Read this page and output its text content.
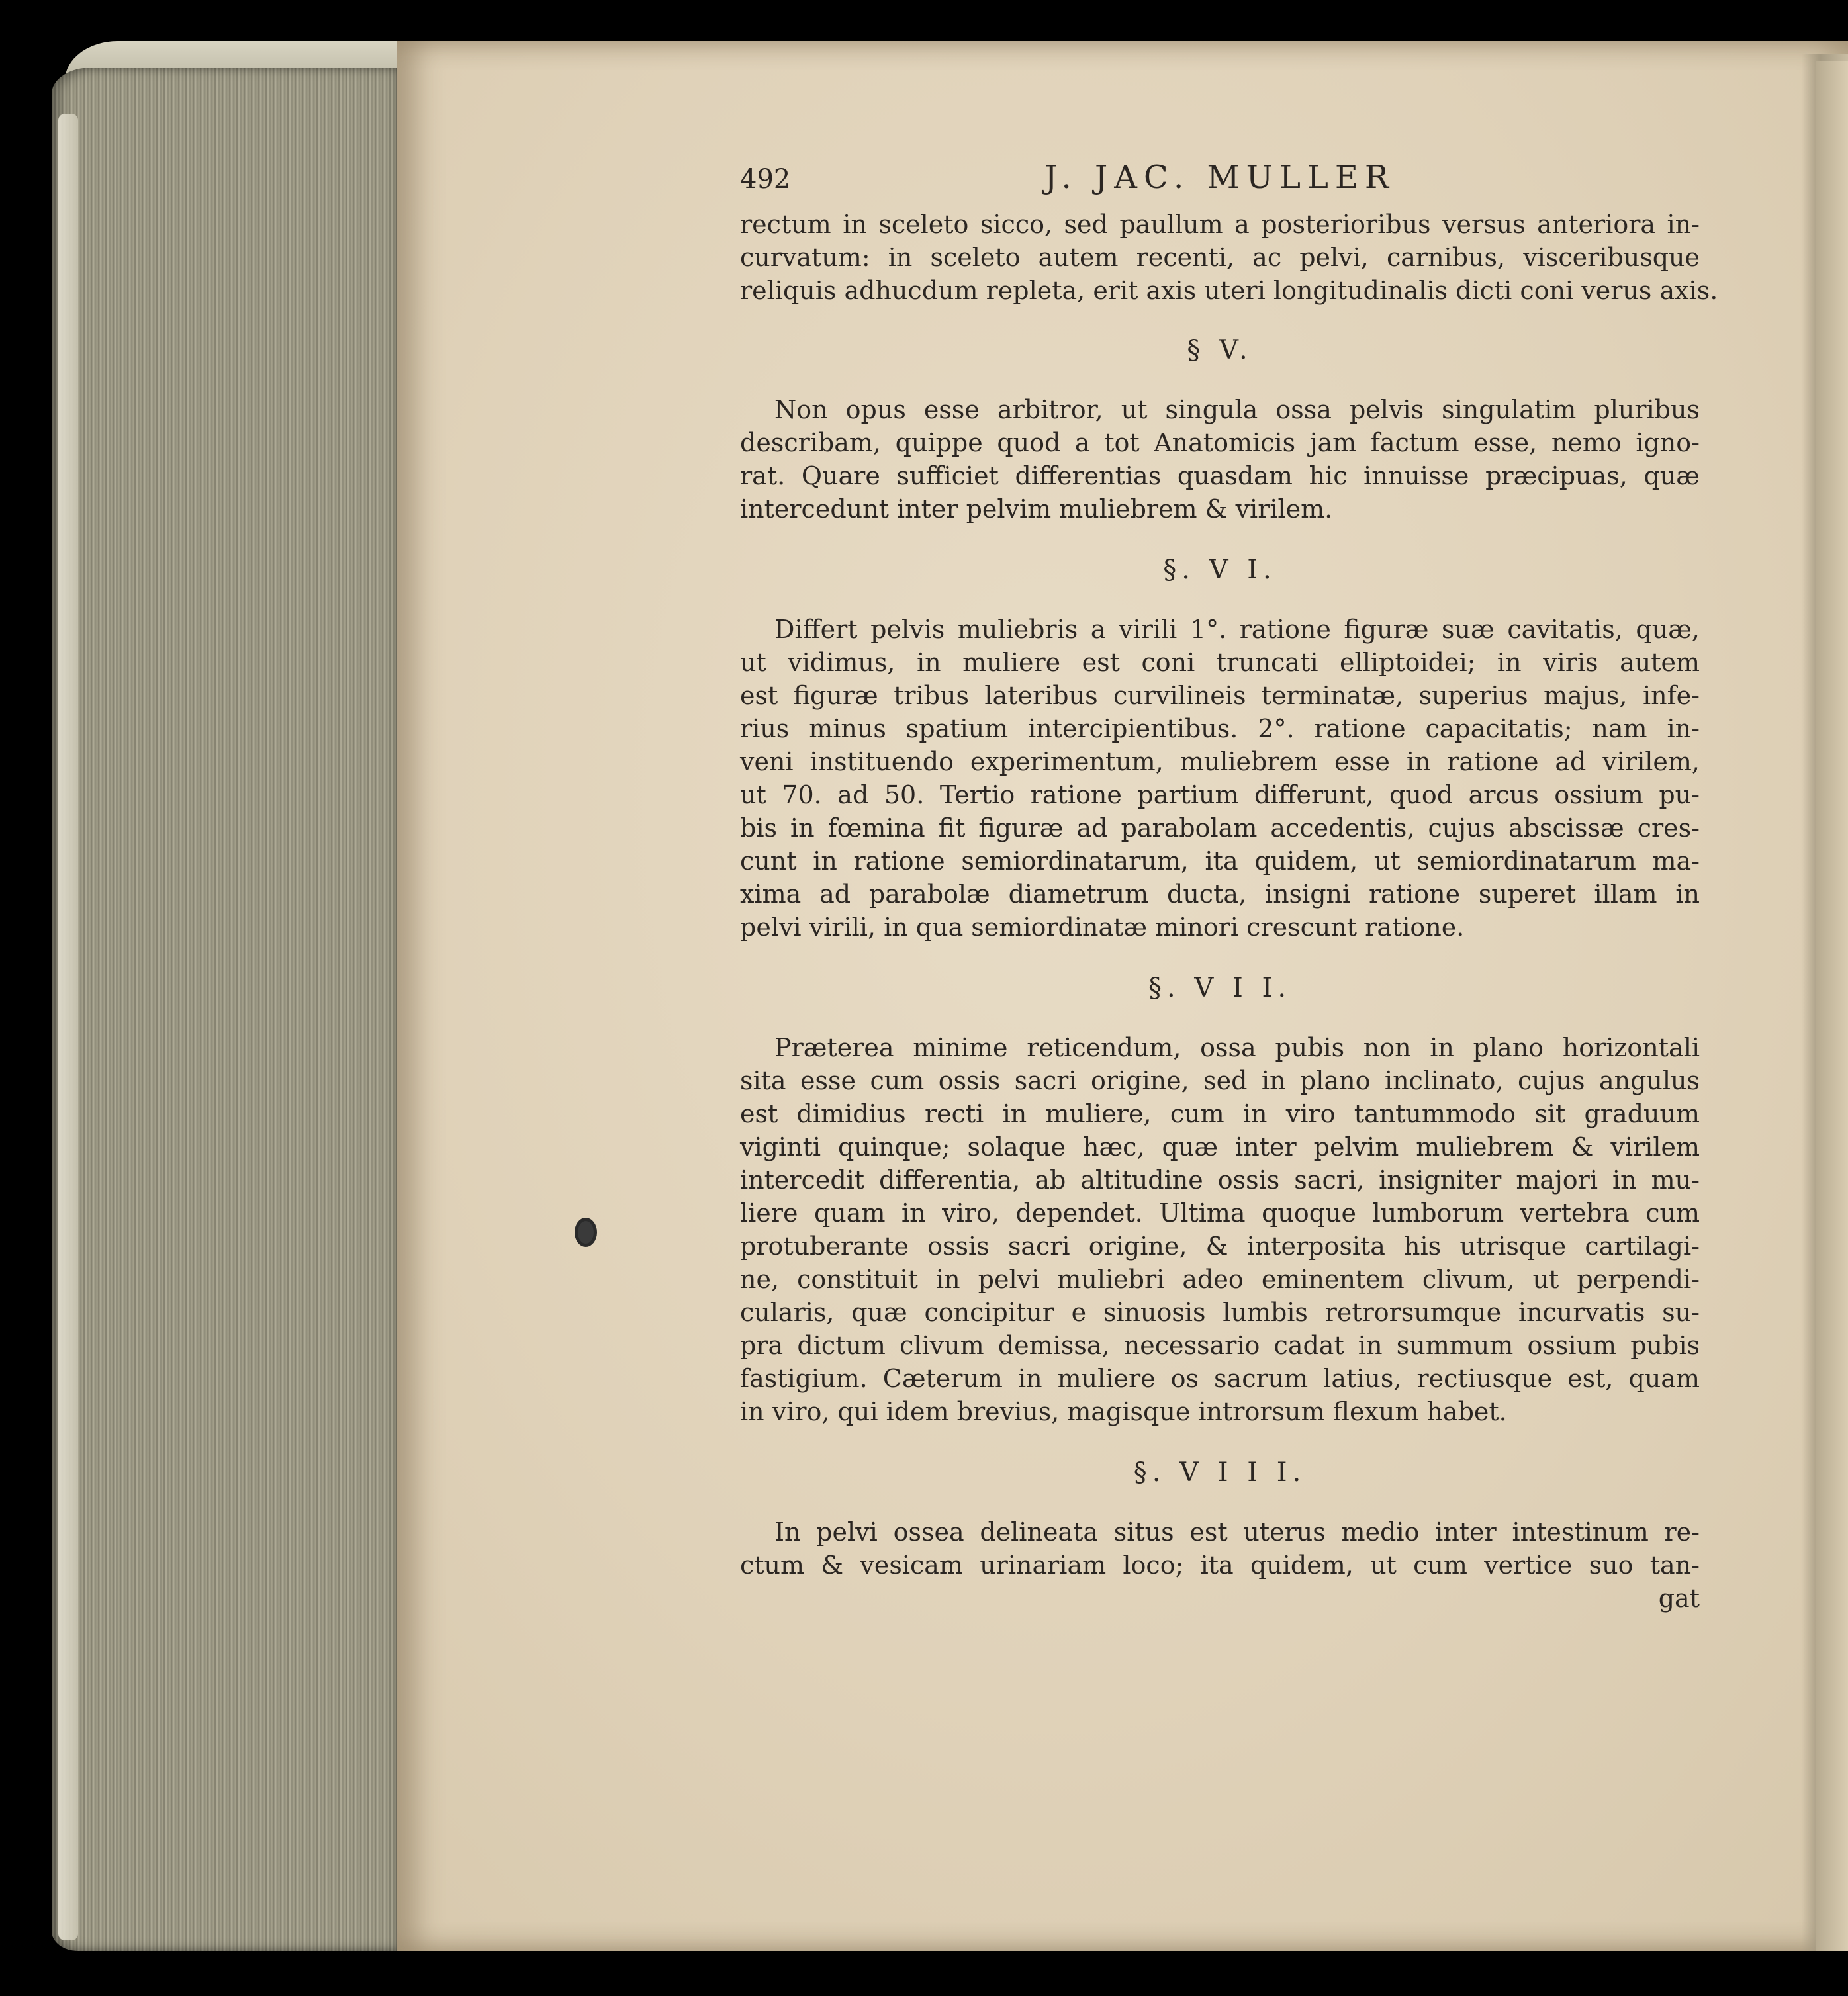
492	J. JAC. MULLER
rectum in sceleto sicco, sed paullum a posterioribus versus anteriora in-
curvatum: in sceleto autem recenti, ac pelvi, carnibus, visceribusque
reliquis adhucdum repleta, erit axis uteri longitudinalis dicti coni verus axis.
§ V.
Non opus esse arbitror, ut singula ossa pelvis singulatim pluribus
describam, quippe quod a tot Anatomicis jam factum esse, nemo igno-
rat. Quare sufficiet differentias quasdam hic innuisse præcipuas, quæ
intercedunt inter pelvim muliebrem & virilem.
§. V I.
Differt pelvis muliebris a virili 1°. ratione figuræ suæ cavitatis, quæ,
ut vidimus, in muliere est coni truncati elliptoidei; in viris autem
est figuræ tribus lateribus curvilineis terminatæ, superius majus, infe-
rius minus spatium intercipientibus. 2°. ratione capacitatis; nam in-
veni instituendo experimentum, muliebrem esse in ratione ad virilem,
ut 70. ad 50. Tertio ratione partium differunt, quod arcus ossium pu-
bis in fœmina fit figuræ ad parabolam accedentis, cujus abscissæ cres-
cunt in ratione semiordinatarum, ita quidem, ut semiordinatarum ma-
xima ad parabolæ diametrum ducta, insigni ratione superet illam in
pelvi virili, in qua semiordinatæ minori crescunt ratione.
§. V I I.
Præterea minime reticendum, ossa pubis non in plano horizontali
sita esse cum ossis sacri origine, sed in plano inclinato, cujus angulus
est dimidius recti in muliere, cum in viro tantummodo sit graduum
viginti quinque; solaque hæc, quæ inter pelvim muliebrem & virilem
intercedit differentia, ab altitudine ossis sacri, insigniter majori in mu-
liere quam in viro, dependet. Ultima quoque lumborum vertebra cum
protuberante ossis sacri origine, & interposita his utrisque cartilagi-
ne, constituit in pelvi muliebri adeo eminentem clivum, ut perpendi-
cularis, quæ concipitur e sinuosis lumbis retrorsumque incurvatis su-
pra dictum clivum demissa, necessario cadat in summum ossium pubis
fastigium. Cæterum in muliere os sacrum latius, rectiusque est, quam
in viro, qui idem brevius, magisque introrsum flexum habet.
§. V I I I.
In pelvi ossea delineata situs est uterus medio inter intestinum re-
ctum & vesicam urinariam loco; ita quidem, ut cum vertice suo tan-
gat
